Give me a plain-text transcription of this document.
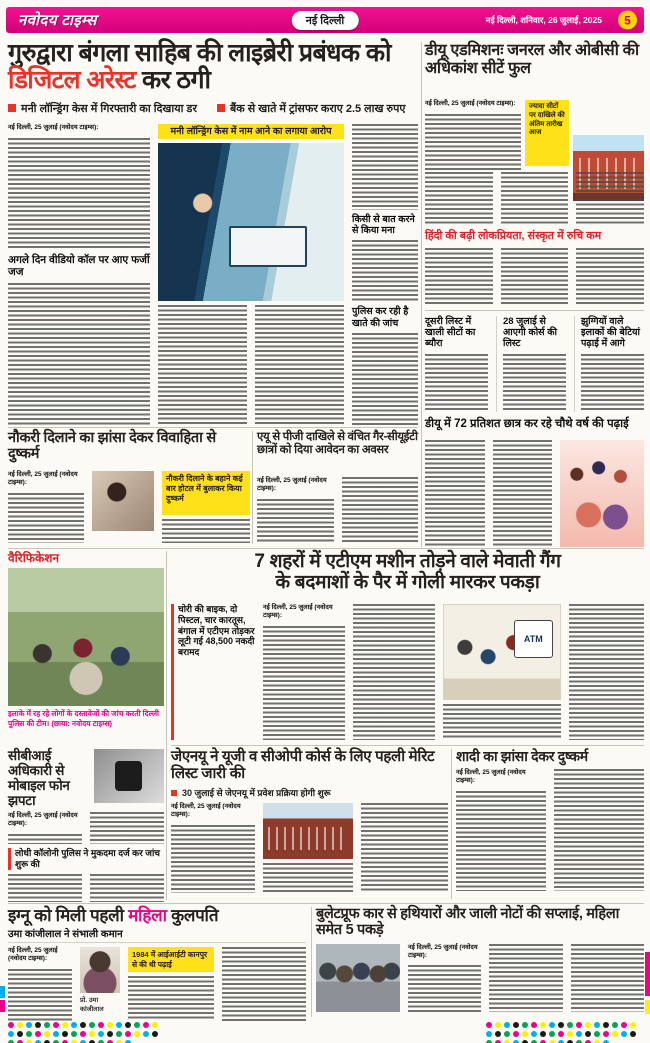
नवोदय टाइम्स	नई दिल्ली	नई दिल्ली, शनिवार, 26 जुलाई, 2025	5
गुरुद्वारा बंगला साहिब की लाइब्रेरी प्रबंधक को डिजिटल अरेस्ट कर ठगी
मनी लॉन्ड्रिंग केस में गिरफ्तारी का दिखाया डर	बैंक से खाते में ट्रांसफर कराए 2.5 लाख रुपए
नई दिल्ली, 25 जुलाई (नवोदय टाइम्स):
अगले दिन वीडियो कॉल पर आए फर्जी जज
मनी लॉन्ड्रिंग केस में नाम आने का लगाया आरोप
किसी से बात करने से किया मना
पुलिस कर रही है खाते की जांच
डीयू एडमिशनः जनरल और ओबीसी की अधिकांश सीटें फुल
नई दिल्ली, 25 जुलाई (नवोदय टाइम्स):	ज्यादा सीटों पर दाखिले की अंतिम तारीख आज
हिंदी की बढ़ी लोकप्रियता, संस्कृत में रुचि कम
दूसरी लिस्ट में खाली सीटों का ब्यौरा
28 जुलाई से आएगी कोर्स की लिस्ट
झुग्गियों वाले इलाकों की बेटियां पढ़ाई में आगे
डीयू में 72 प्रतिशत छात्र कर रहे चौथे वर्ष की पढ़ाई
नौकरी दिलाने का झांसा देकर विवाहिता से दुष्कर्म
नई दिल्ली, 25 जुलाई (नवोदय टाइम्स):	नौकरी दिलाने के बहाने कई बार होटल में बुलाकर किया दुष्कर्म
एयू से पीजी दाखिले से वंचित गैर-सीयूईटी छात्रों को दिया आवेदन का अवसर
नई दिल्ली, 25 जुलाई (नवोदय टाइम्स):
वैरिफिकेशन
इलाके में रह रहे लोगों के दस्तावेजों की जांच करती दिल्ली पुलिस की टीम। (छाया: नवोदय टाइम्स)
7 शहरों में एटीएम मशीन तोड़ने वाले मेवाती गैंग
के बदमाशों के पैर में गोली मारकर पकड़ा
चोरी की बाइक, दो पिस्टल, चार कारतूस, बंगाल में एटीएम तोड़कर लूटी गई 48,500 नकदी बरामद
नई दिल्ली, 25 जुलाई (नवोदय टाइम्स):
ATM
सीबीआई अधिकारी से मोबाइल फोन झपटा
नई दिल्ली, 25 जुलाई (नवोदय टाइम्स):
लोधी कॉलोनी पुलिस ने मुकदमा दर्ज कर जांच शुरू की
जेएनयू ने यूजी व सीओपी कोर्स के लिए पहली मेरिट लिस्ट जारी की
30 जुलाई से जेएनयू में प्रवेश प्रक्रिया होगी शुरू
नई दिल्ली, 25 जुलाई (नवोदय टाइम्स):
शादी का झांसा देकर दुष्कर्म
नई दिल्ली, 25 जुलाई (नवोदय टाइम्स):
इग्नू को मिली पहली महिला कुलपति
उमा कांजीलाल ने संभाली कमान
नई दिल्ली, 25 जुलाई (नवोदय टाइम्स):
प्रो. उमा कांजीलाल
1984 में आईआईटी कानपुर से की थी पढ़ाई
बुलेटप्रूफ कार से हथियारों और जाली नोटों की सप्लाई, महिला समेत 5 पकड़े
नई दिल्ली, 25 जुलाई (नवोदय टाइम्स):
